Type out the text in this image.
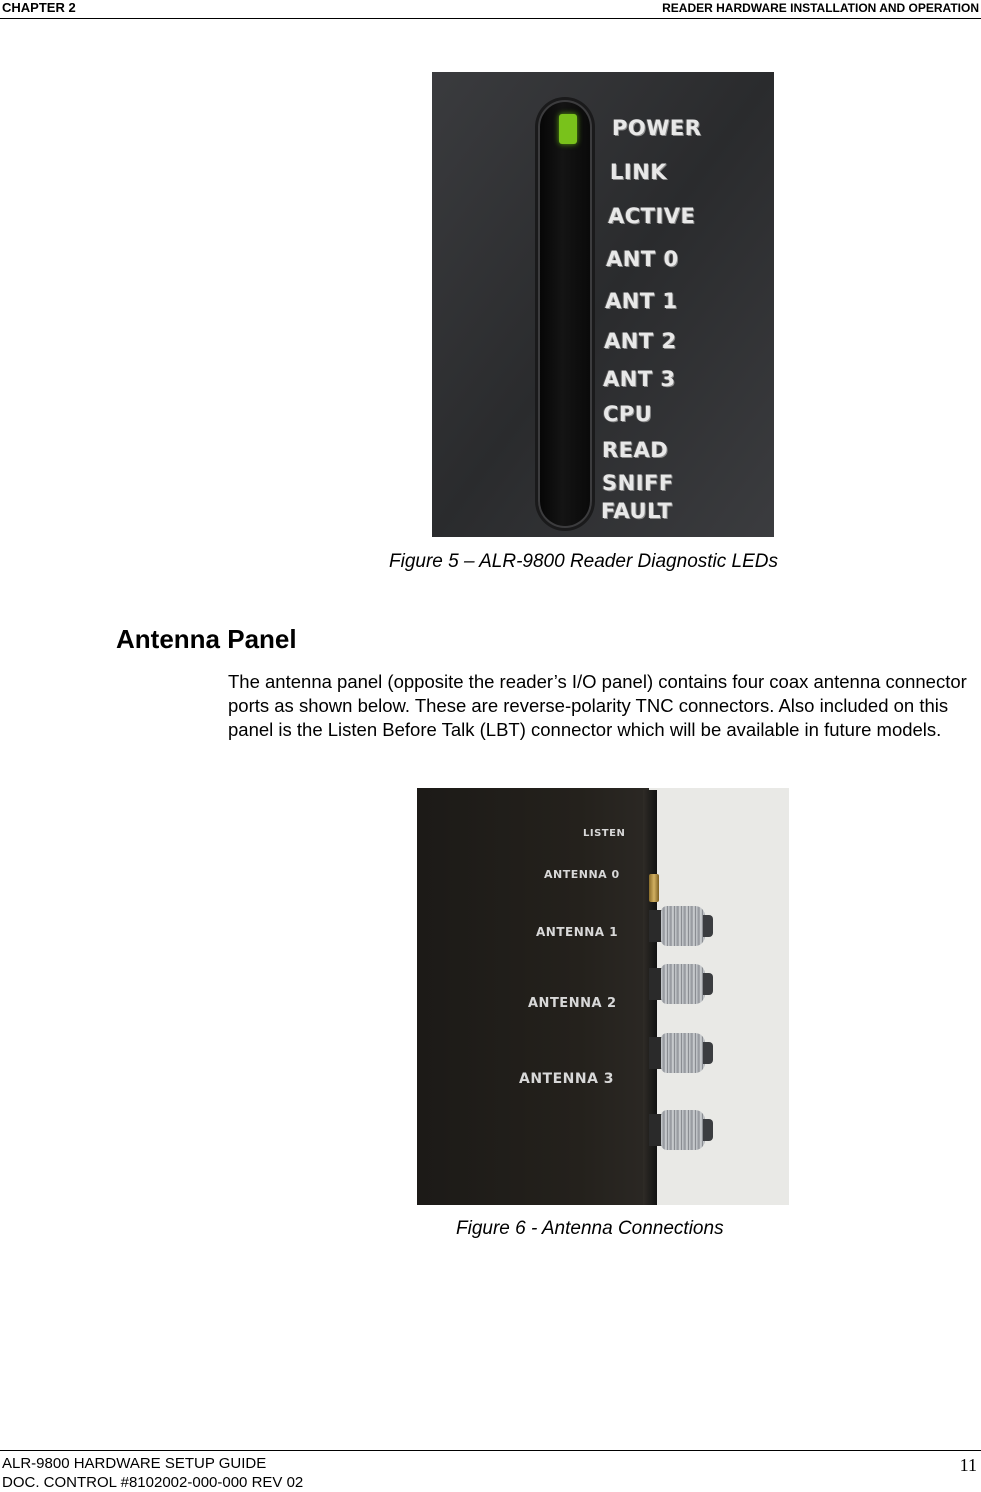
CHAPTER 2	READER HARDWARE INSTALLATION AND OPERATION
POWER
LINK
ACTIVE
ANT 0
ANT 1
ANT 2
ANT 3
CPU
READ
SNIFF
FAULT
Figure 5 – ALR-9800 Reader Diagnostic LEDs
Antenna Panel
The antenna panel (opposite the reader’s I/O panel) contains four coax antenna connector ports as shown below. These are reverse-polarity TNC connectors. Also included on this panel is the Listen Before Talk (LBT) connector which will be available in future models.
LISTEN
ANTENNA 0
ANTENNA 1
ANTENNA 2
ANTENNA 3
Figure 6 - Antenna Connections
ALR-9800 HARDWARE SETUP GUIDE
DOC. CONTROL #8102002-000-000 REV 02
11
